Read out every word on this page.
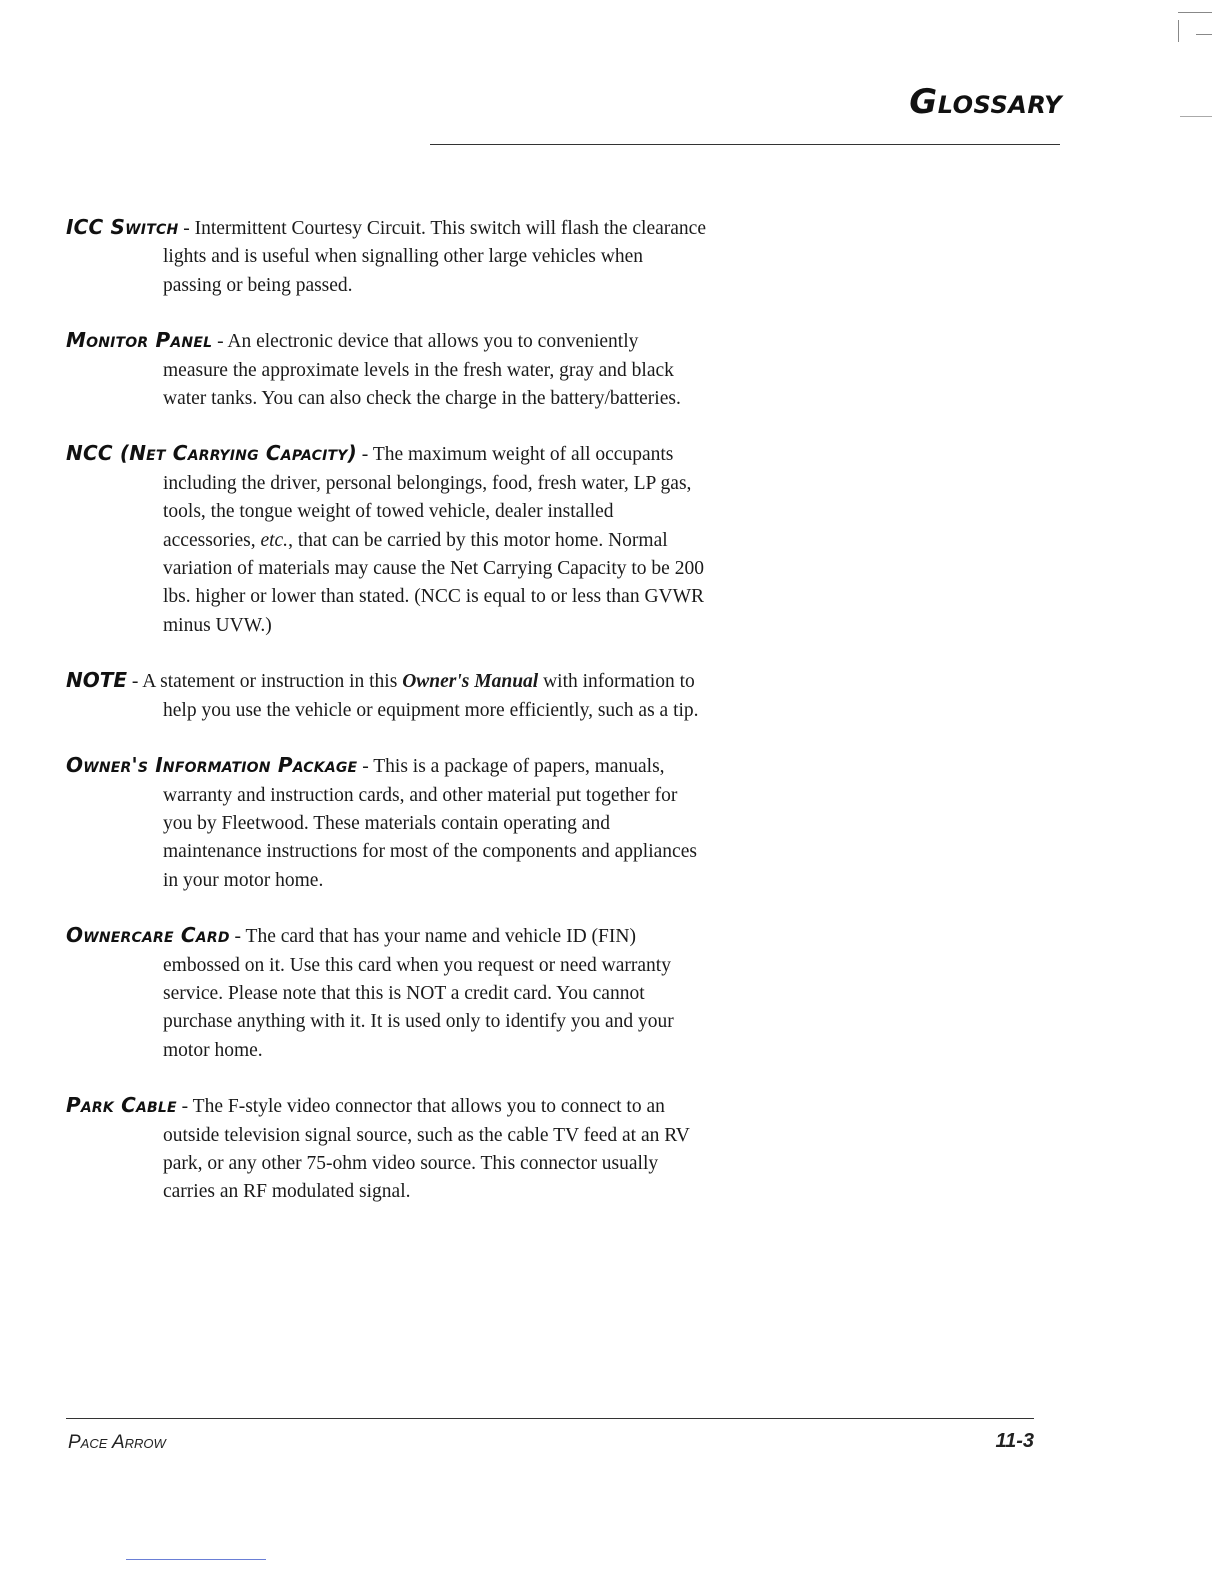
Glossary

ICC Switch - Intermittent Courtesy Circuit. This switch will flash the clearance lights and is useful when signalling other large vehicles when passing or being passed.

Monitor Panel - An electronic device that allows you to conveniently measure the approximate levels in the fresh water, gray and black water tanks. You can also check the charge in the battery/batteries.

NCC (Net Carrying Capacity) - The maximum weight of all occupants including the driver, personal belongings, food, fresh water, LP gas, tools, the tongue weight of towed vehicle, dealer installed accessories, etc., that can be carried by this motor home. Normal variation of materials may cause the Net Carrying Capacity to be 200 lbs. higher or lower than stated. (NCC is equal to or less than GVWR minus UVW.)

NOTE - A statement or instruction in this Owner's Manual with information to help you use the vehicle or equipment more efficiently, such as a tip.

Owner's Information Package - This is a package of papers, manuals, warranty and instruction cards, and other material put together for you by Fleetwood. These materials contain operating and maintenance instructions for most of the components and appliances in your motor home.

Ownercare Card - The card that has your name and vehicle ID (FIN) embossed on it. Use this card when you request or need warranty service. Please note that this is NOT a credit card. You cannot purchase anything with it. It is used only to identify you and your motor home.

Park Cable - The F-style video connector that allows you to connect to an outside television signal source, such as the cable TV feed at an RV park, or any other 75-ohm video source. This connector usually carries an RF modulated signal.

Pace Arrow	11-3
